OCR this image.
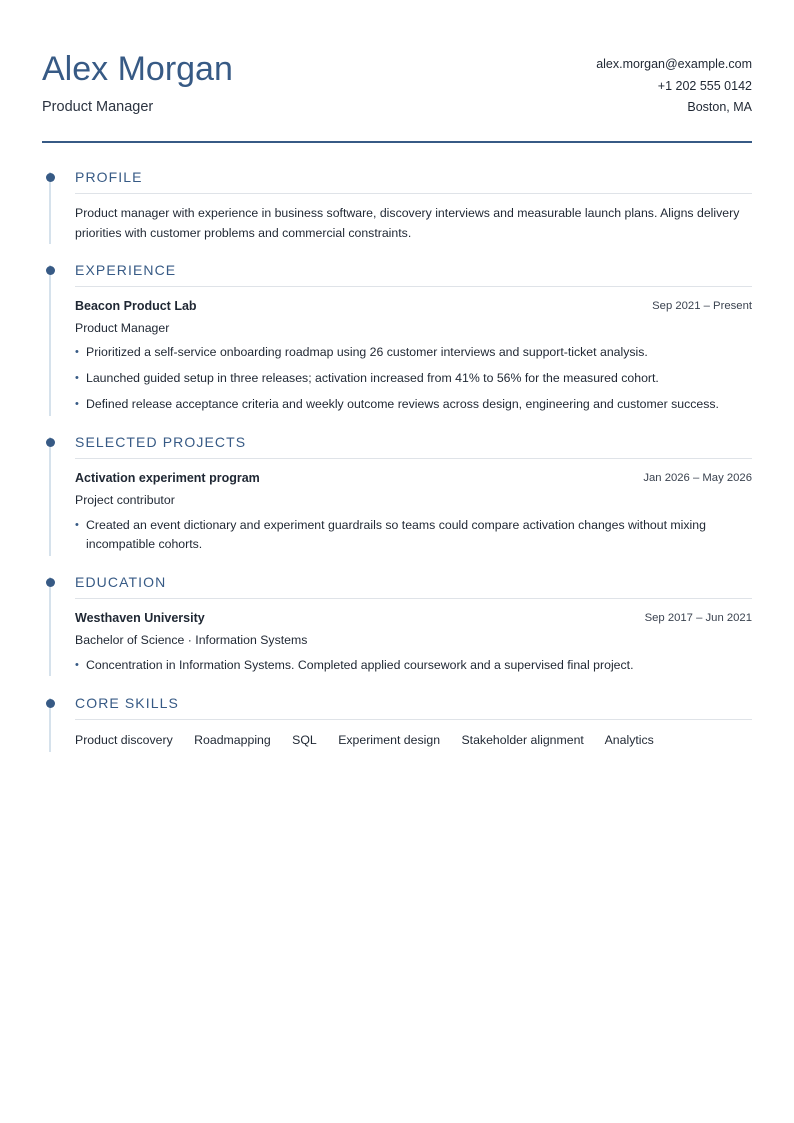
Alex Morgan
Product Manager
alex.morgan@example.com
+1 202 555 0142
Boston, MA
PROFILE
Product manager with experience in business software, discovery interviews and measurable launch plans. Aligns delivery priorities with customer problems and commercial constraints.
EXPERIENCE
Beacon Product Lab	Sep 2021 – Present
Product Manager
• Prioritized a self-service onboarding roadmap using 26 customer interviews and support-ticket analysis.
• Launched guided setup in three releases; activation increased from 41% to 56% for the measured cohort.
• Defined release acceptance criteria and weekly outcome reviews across design, engineering and customer success.
SELECTED PROJECTS
Activation experiment program	Jan 2026 – May 2026
Project contributor
• Created an event dictionary and experiment guardrails so teams could compare activation changes without mixing incompatible cohorts.
EDUCATION
Westhaven University	Sep 2017 – Jun 2021
Bachelor of Science · Information Systems
• Concentration in Information Systems. Completed applied coursework and a supervised final project.
CORE SKILLS
Product discovery Roadmapping SQL Experiment design Stakeholder alignment Analytics
